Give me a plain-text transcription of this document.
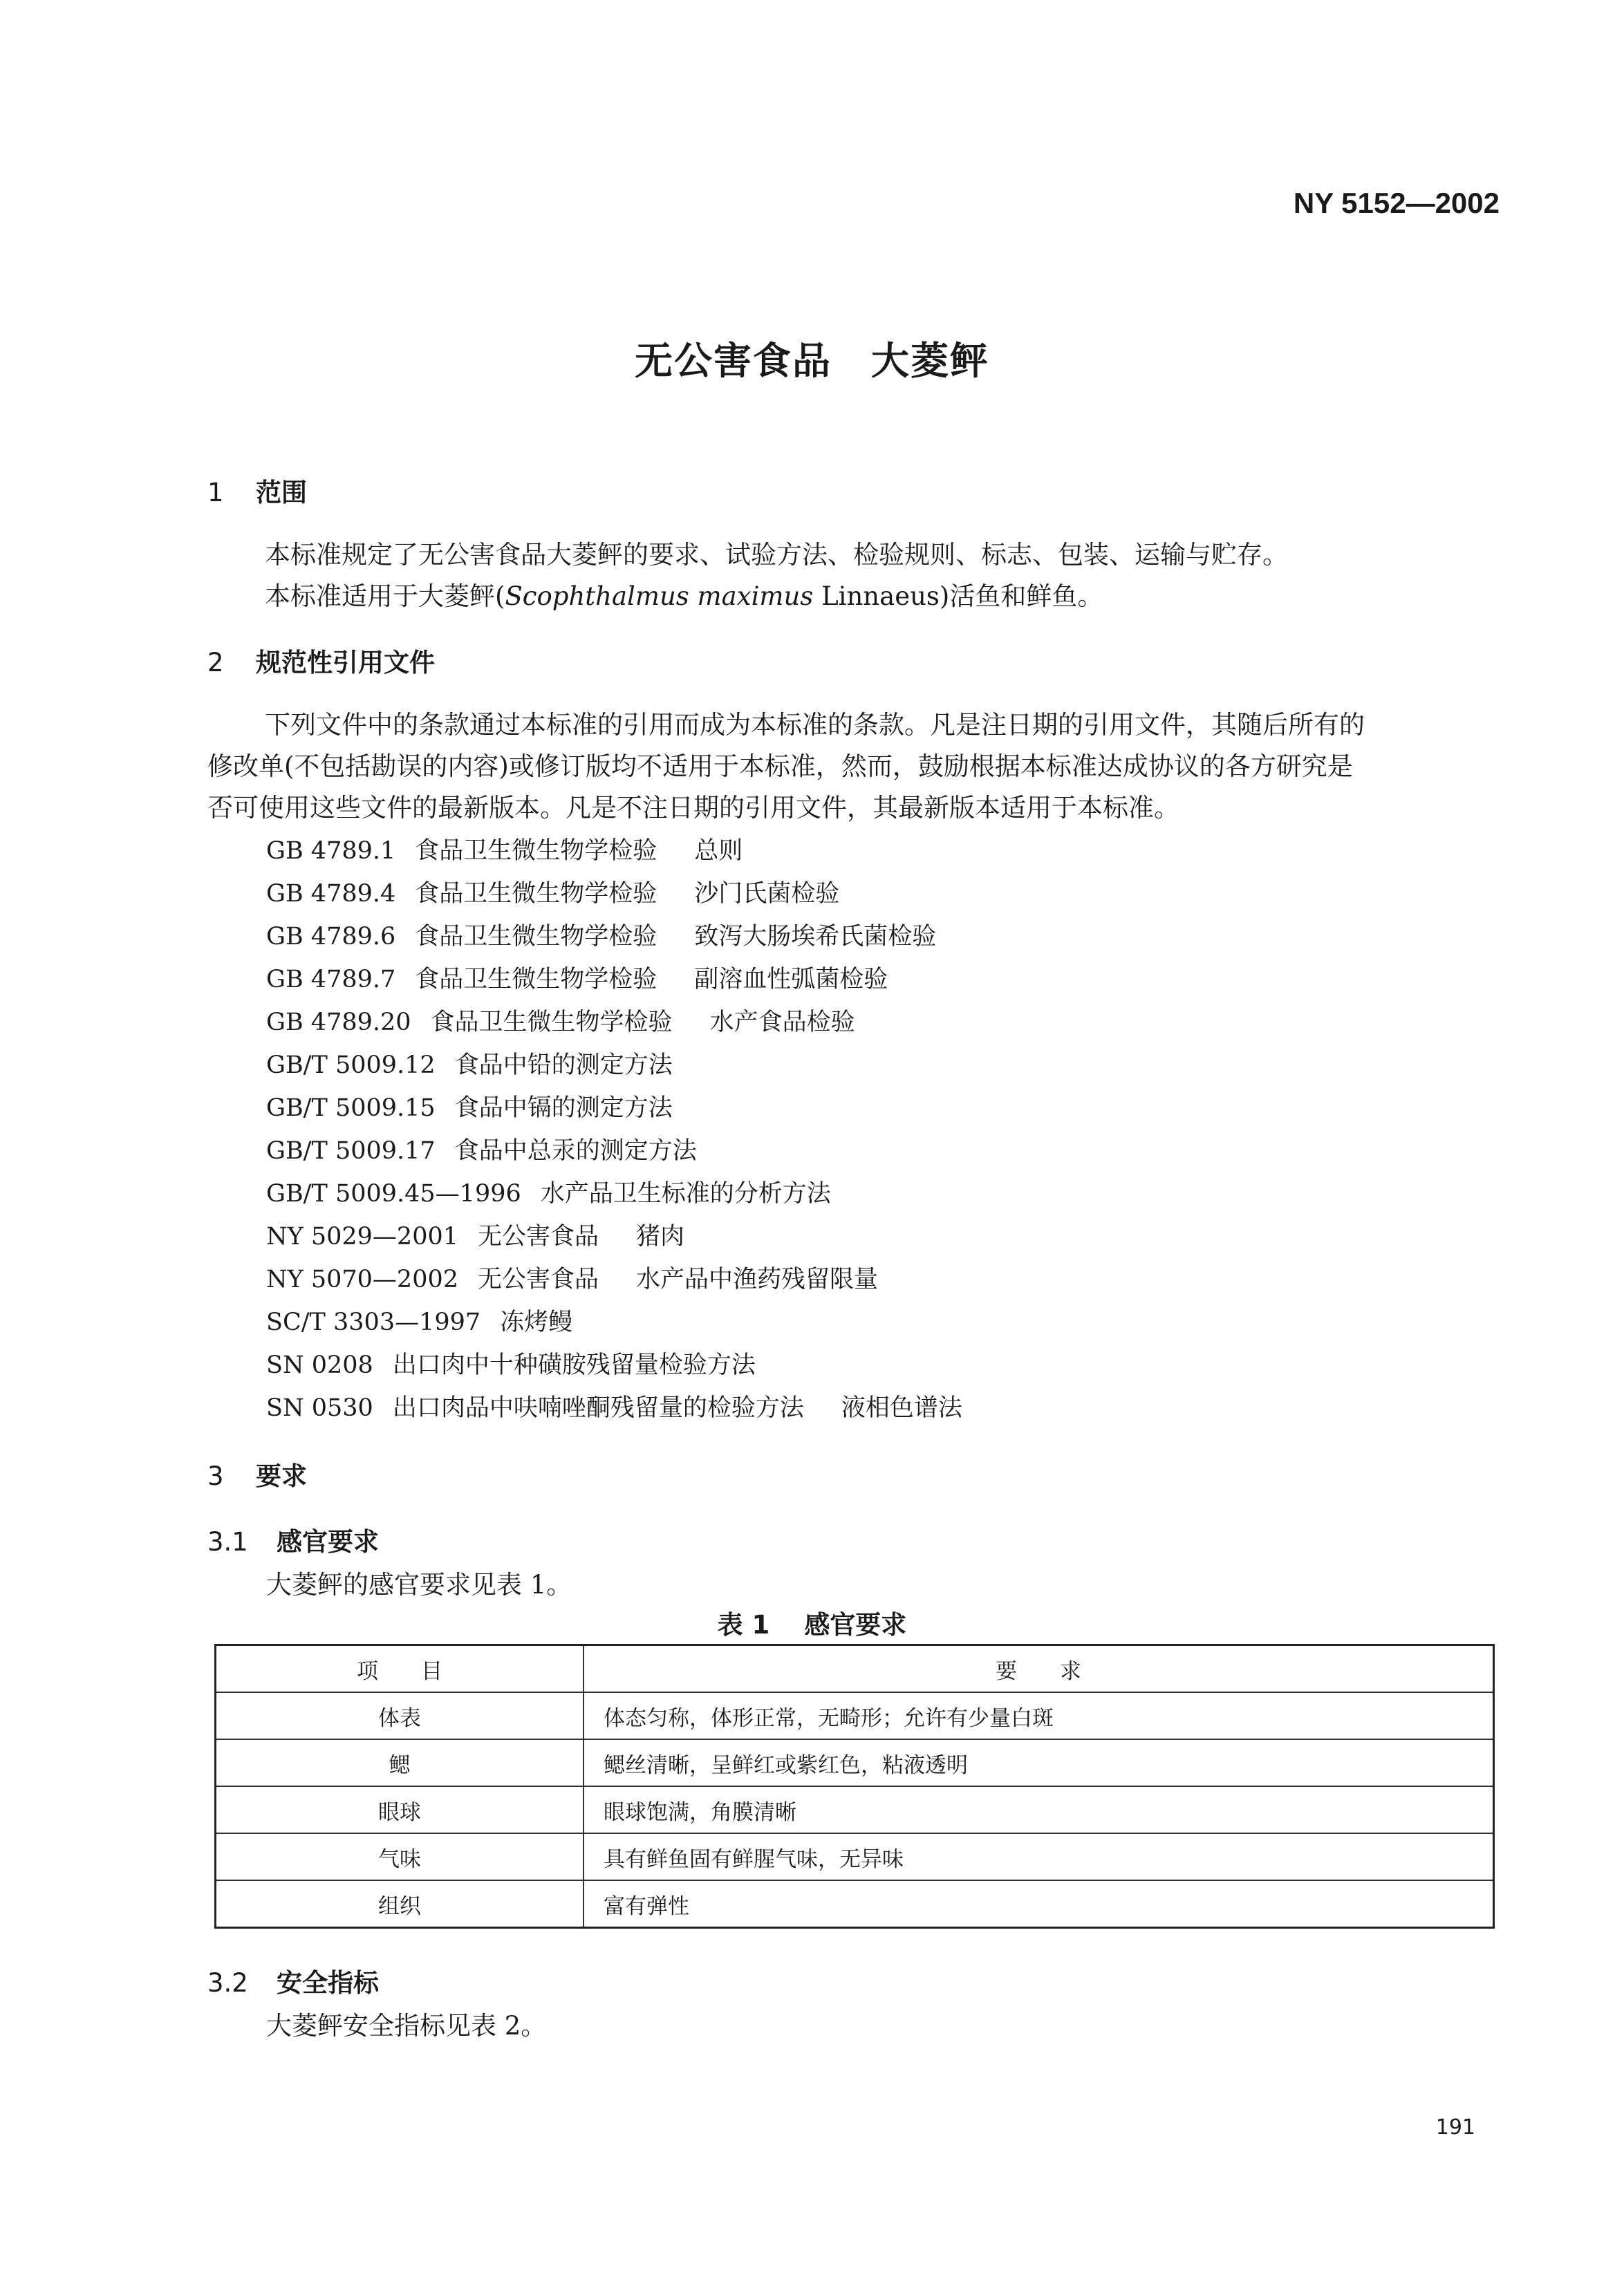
NY 5152—2002
无公害食品　大菱鲆
1 范围
本标准规定了无公害食品大菱鲆的要求、试验方法、检验规则、标志、包装、运输与贮存。
本标准适用于大菱鲆(Scophthalmus maximus Linnaeus)活鱼和鲜鱼。
2 规范性引用文件
下列文件中的条款通过本标准的引用而成为本标准的条款。凡是注日期的引用文件，其随后所有的
修改单(不包括勘误的内容)或修订版均不适用于本标准，然而，鼓励根据本标准达成协议的各方研究是
否可使用这些文件的最新版本。凡是不注日期的引用文件，其最新版本适用于本标准。
GB 4789.1 食品卫生微生物学检验 总则
GB 4789.4 食品卫生微生物学检验 沙门氏菌检验
GB 4789.6 食品卫生微生物学检验 致泻大肠埃希氏菌检验
GB 4789.7 食品卫生微生物学检验 副溶血性弧菌检验
GB 4789.20 食品卫生微生物学检验 水产食品检验
GB/T 5009.12 食品中铅的测定方法
GB/T 5009.15 食品中镉的测定方法
GB/T 5009.17 食品中总汞的测定方法
GB/T 5009.45—1996 水产品卫生标准的分析方法
NY 5029—2001 无公害食品 猪肉
NY 5070—2002 无公害食品 水产品中渔药残留限量
SC/T 3303—1997 冻烤鳗
SN 0208 出口肉中十种磺胺残留量检验方法
SN 0530 出口肉品中呋喃唑酮残留量的检验方法 液相色谱法
3 要求
3.1 感官要求
大菱鲆的感官要求见表 1。
表 1 感官要求
项　　目	要　　求
体表	体态匀称，体形正常，无畸形；允许有少量白斑
鳃	鳃丝清晰，呈鲜红或紫红色，粘液透明
眼球	眼球饱满，角膜清晰
气味	具有鲜鱼固有鲜腥气味，无异味
组织	富有弹性
3.2 安全指标
大菱鲆安全指标见表 2。
191
